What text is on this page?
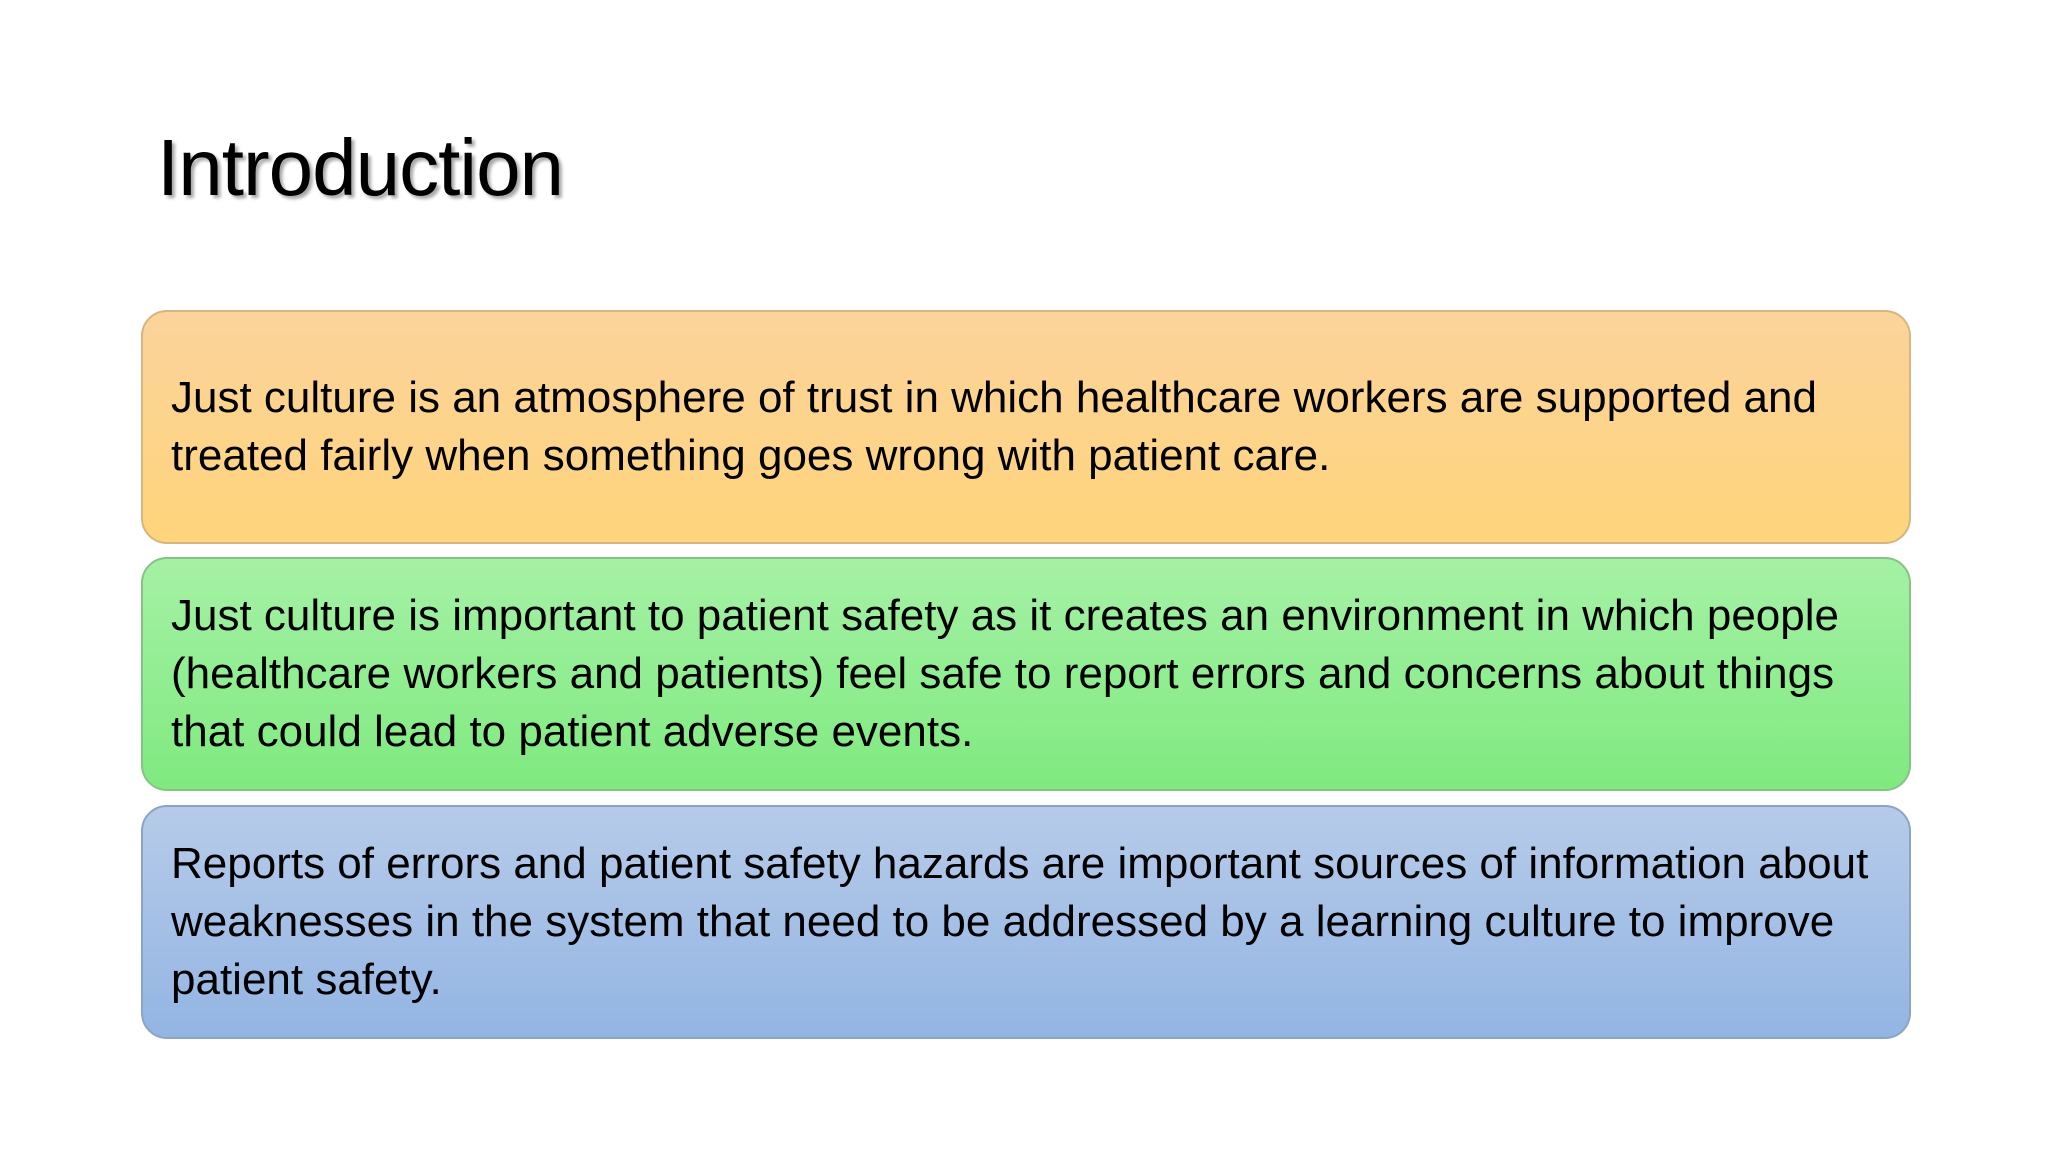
Introduction
Just culture is an atmosphere of trust in which healthcare workers are supported and treated fairly when something goes wrong with patient care.
Just culture is important to patient safety as it creates an environment in which people (healthcare workers and patients) feel safe to report errors and concerns about things that could lead to patient adverse events.
Reports of errors and patient safety hazards are important sources of information about weaknesses in the system that need to be addressed by a learning culture to improve patient safety.
